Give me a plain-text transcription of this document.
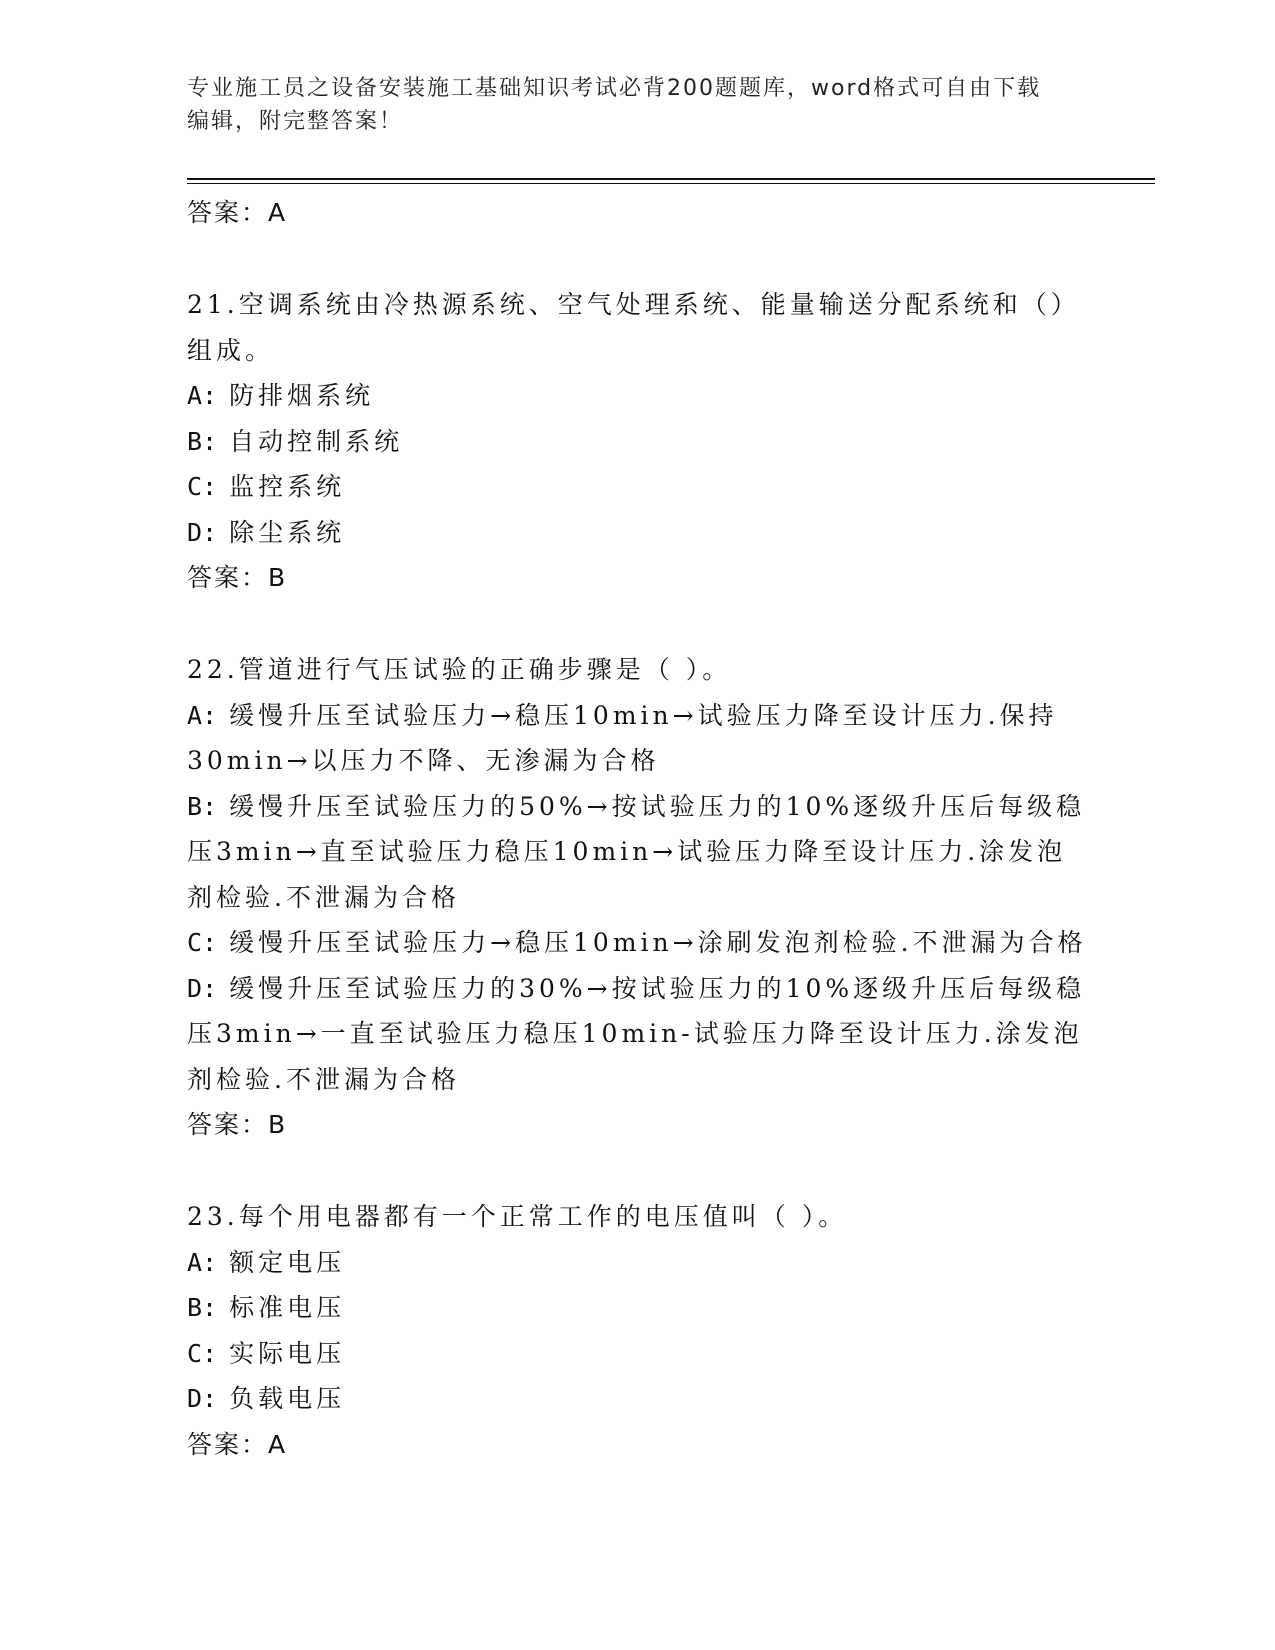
专业施工员之设备安装施工基础知识考试必背200题题库，word格式可自由下载
编辑，附完整答案！
答案：A
21.空调系统由冷热源系统、空气处理系统、能量输送分配系统和（）组成。
A: 防排烟系统
B: 自动控制系统
C: 监控系统
D: 除尘系统
答案：B
22.管道进行气压试验的正确步骤是（ ）。
A: 缓慢升压至试验压力→稳压10min→试验压力降至设计压力.保持30min→以压力不降、无渗漏为合格
B: 缓慢升压至试验压力的50%→按试验压力的10%逐级升压后每级稳压3min→直至试验压力稳压10min→试验压力降至设计压力.涂发泡剂检验.不泄漏为合格
C: 缓慢升压至试验压力→稳压10min→涂刷发泡剂检验.不泄漏为合格
D: 缓慢升压至试验压力的30%→按试验压力的10%逐级升压后每级稳压3min→一直至试验压力稳压10min-试验压力降至设计压力.涂发泡剂检验.不泄漏为合格
答案：B
23.每个用电器都有一个正常工作的电压值叫（ ）。
A: 额定电压
B: 标准电压
C: 实际电压
D: 负载电压
答案：A
